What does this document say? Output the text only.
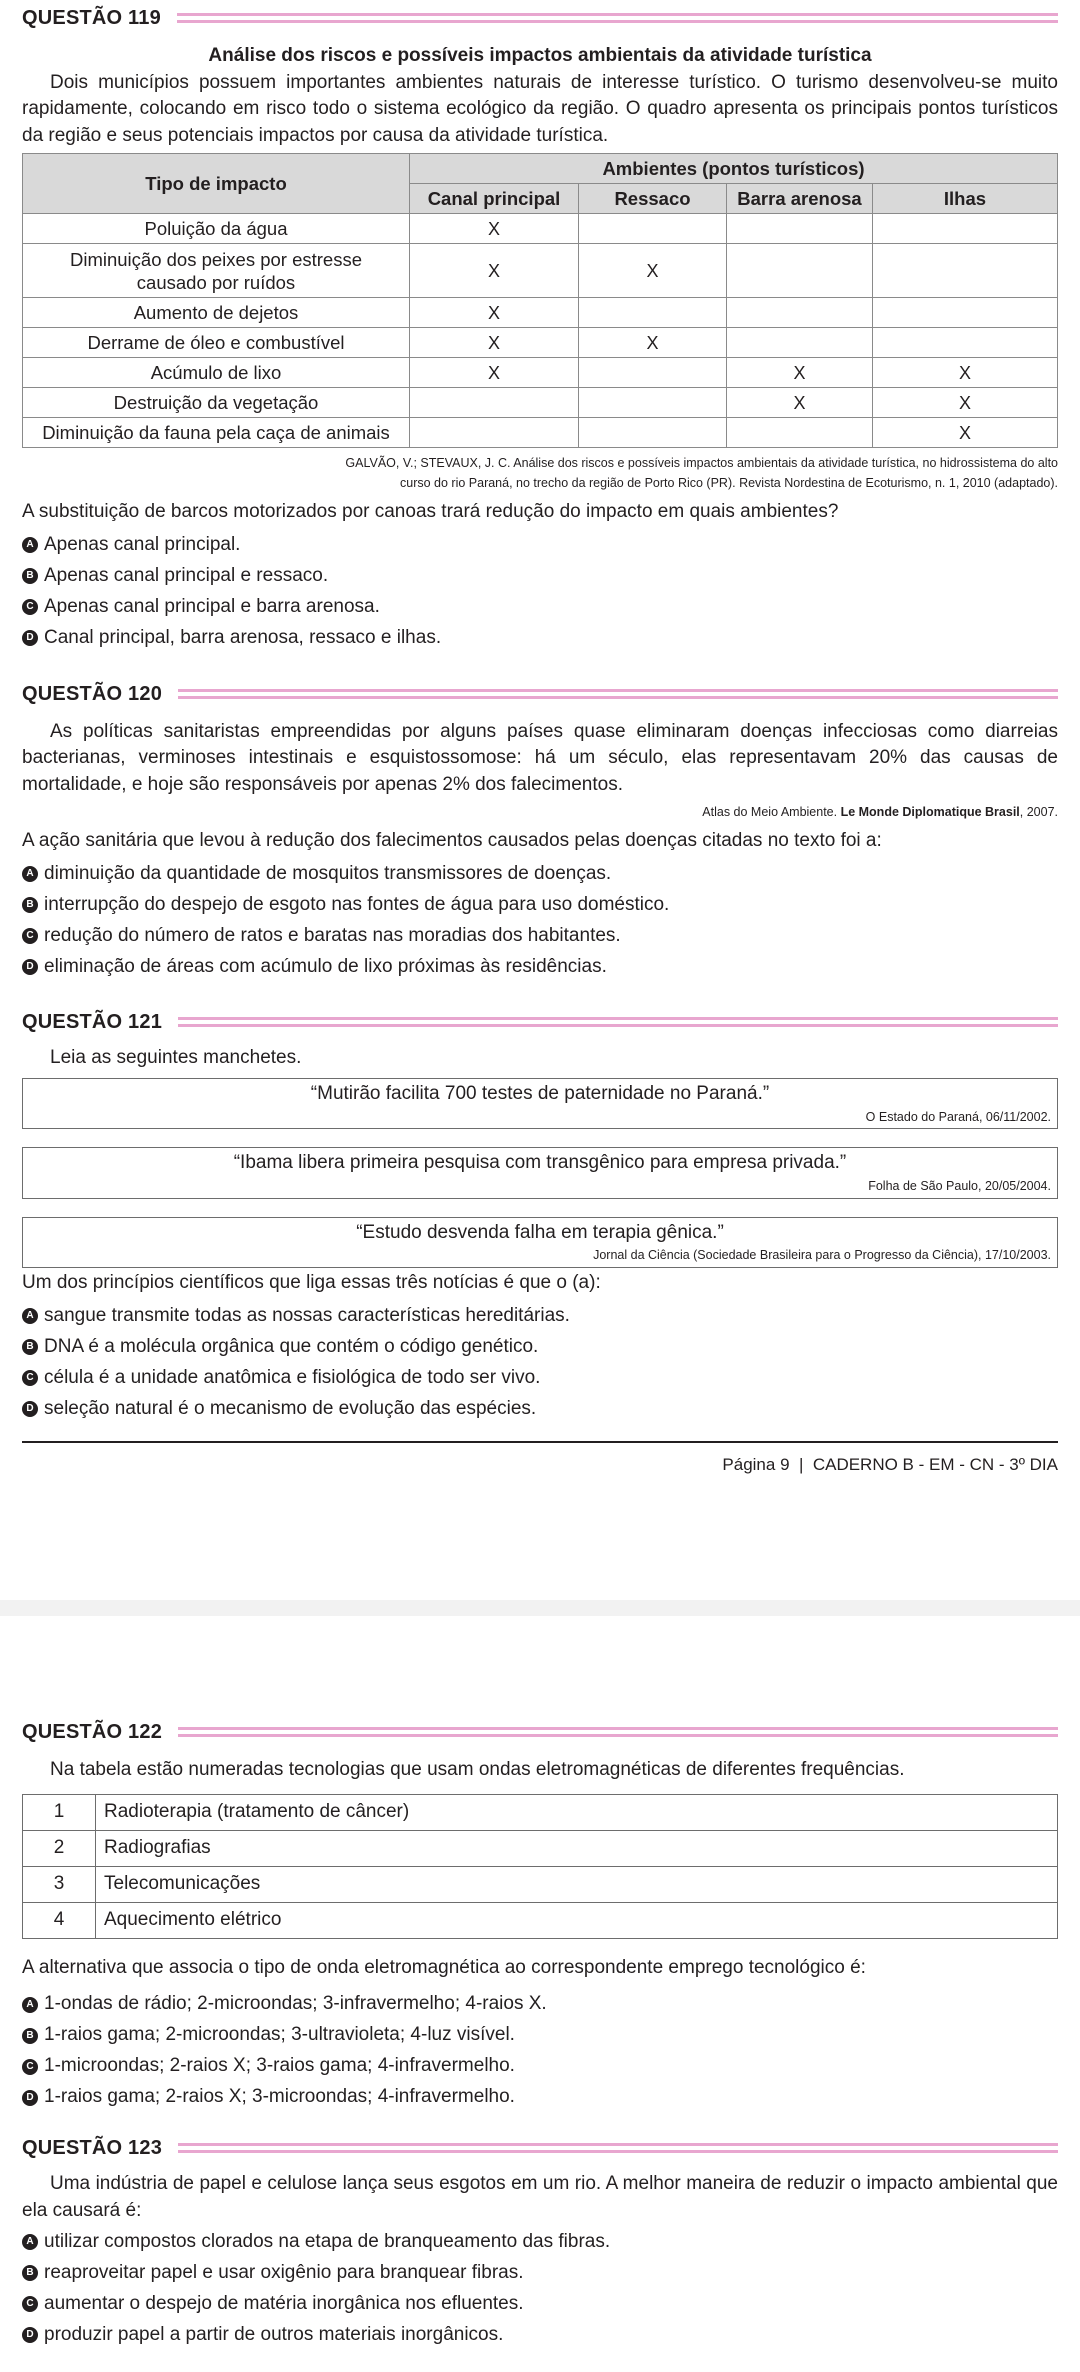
QUESTÃO 119
Análise dos riscos e possíveis impactos ambientais da atividade turística

Dois municípios possuem importantes ambientes naturais de interesse turístico. O turismo desenvolveu-se muito rapidamente, colocando em risco todo o sistema ecológico da região. O quadro apresenta os principais pontos turísticos da região e seus potenciais impactos por causa da atividade turística.

Tipo de impacto	Ambientes (pontos turísticos)			
	Canal principal	Ressaco	Barra arenosa	Ilhas
Poluição da água	X			
Diminuição dos peixes por estresse causado por ruídos	X	X		
Aumento de dejetos	X			
Derrame de óleo e combustível	X	X		
Acúmulo de lixo	X		X	X
Destruição da vegetação			X	X
Diminuição da fauna pela caça de animais				X
GALVÃO, V.; STEVAUX, J. C. Análise dos riscos e possíveis impactos ambientais da atividade turística, no hidrossistema do alto
curso do rio Paraná, no trecho da região de Porto Rico (PR). Revista Nordestina de Ecoturismo, n. 1, 2010 (adaptado).
A substituição de barcos motorizados por canoas trará redução do impacto em quais ambientes?
A Apenas canal principal.
B Apenas canal principal e ressaco.
C Apenas canal principal e barra arenosa.
D Canal principal, barra arenosa, ressaco e ilhas.
QUESTÃO 120

As políticas sanitaristas empreendidas por alguns países quase eliminaram doenças infecciosas como diarreias bacterianas, verminoses intestinais e esquistossomose: há um século, elas representavam 20% das causas de mortalidade, e hoje são responsáveis por apenas 2% dos falecimentos.

Atlas do Meio Ambiente. Le Monde Diplomatique Brasil, 2007.
A ação sanitária que levou à redução dos falecimentos causados pelas doenças citadas no texto foi a:
A diminuição da quantidade de mosquitos transmissores de doenças.
B interrupção do despejo de esgoto nas fontes de água para uso doméstico.
C redução do número de ratos e baratas nas moradias dos habitantes.
D eliminação de áreas com acúmulo de lixo próximas às residências.
QUESTÃO 121

Leia as seguintes manchetes.

“Mutirão facilita 700 testes de paternidade no Paraná.”
O Estado do Paraná, 06/11/2002.
“Ibama libera primeira pesquisa com transgênico para empresa privada.”
Folha de São Paulo, 20/05/2004.
“Estudo desvenda falha em terapia gênica.”
Jornal da Ciência (Sociedade Brasileira para o Progresso da Ciência), 17/10/2003.
Um dos princípios científicos que liga essas três notícias é que o (a):
A sangue transmite todas as nossas características hereditárias.
B DNA é a molécula orgânica que contém o código genético.
C célula é a unidade anatômica e fisiológica de todo ser vivo.
D seleção natural é o mecanismo de evolução das espécies.
Página 9  |  CADERNO B - EM - CN - 3º DIA
QUESTÃO 122

Na tabela estão numeradas tecnologias que usam ondas eletromagnéticas de diferentes frequências.

1	Radioterapia (tratamento de câncer)
2	Radiografias
3	Telecomunicações
4	Aquecimento elétrico
A alternativa que associa o tipo de onda eletromagnética ao correspondente emprego tecnológico é:
A 1-ondas de rádio; 2-microondas; 3-infravermelho; 4-raios X.
B 1-raios gama; 2-microondas; 3-ultravioleta; 4-luz visível.
C 1-microondas; 2-raios X; 3-raios gama; 4-infravermelho.
D 1-raios gama; 2-raios X; 3-microondas; 4-infravermelho.
QUESTÃO 123

Uma indústria de papel e celulose lança seus esgotos em um rio. A melhor maneira de reduzir o impacto ambiental que ela causará é:

A utilizar compostos clorados na etapa de branqueamento das fibras.
B reaproveitar papel e usar oxigênio para branquear fibras.
C aumentar o despejo de matéria inorgânica nos efluentes.
D produzir papel a partir de outros materiais inorgânicos.
